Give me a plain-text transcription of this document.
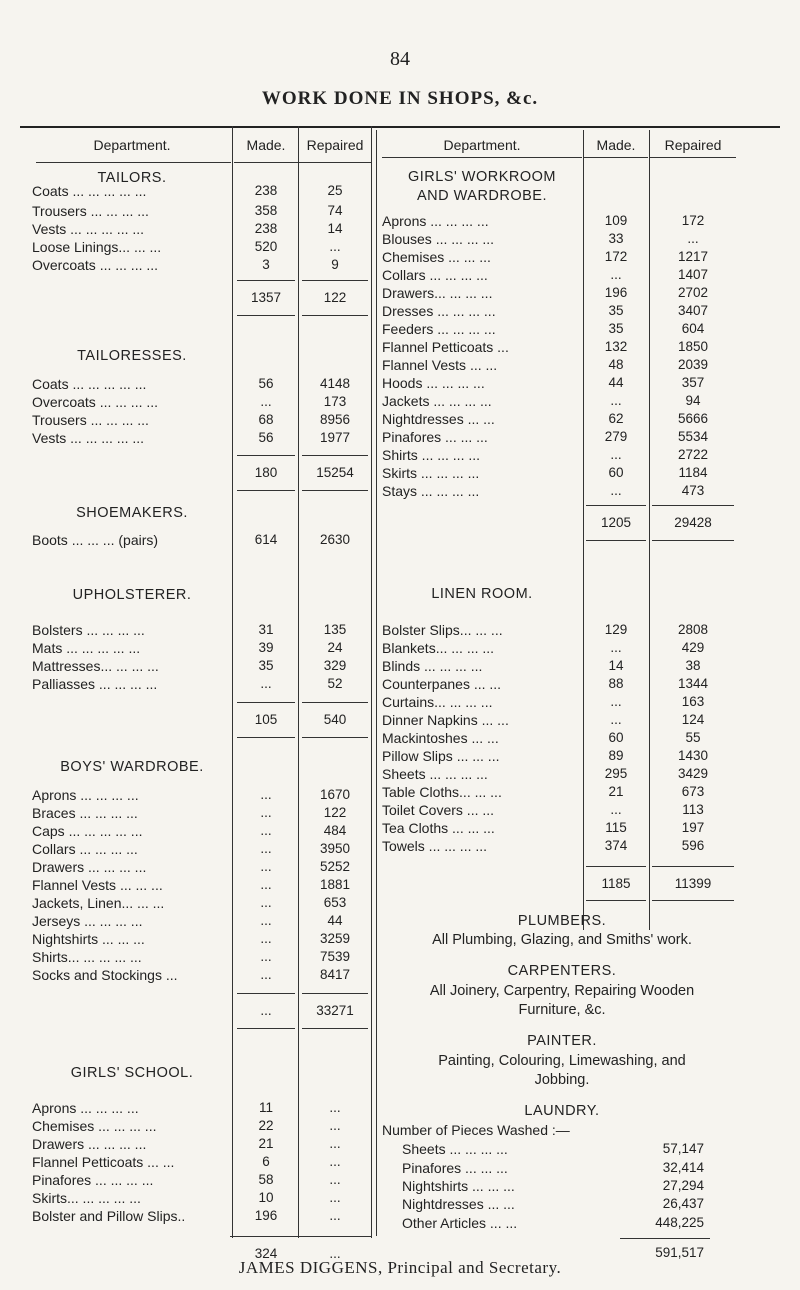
84
WORK DONE IN SHOPS, &c.
Department.	Made.	Repaired	Department.	Made.	Repaired
TAILORS.
Coats ... ... ... ... ...	238	25
Trousers ... ... ... ...	358	74
Vests ... ... ... ... ...	238	14
Loose Linings... ... ...	520	...
Overcoats ... ... ... ...	3	9
1357	122
TAILORESSES.
Coats ... ... ... ... ...	56	4148
Overcoats ... ... ... ...	...	173
Trousers ... ... ... ...	68	8956
Vests ... ... ... ... ...	56	1977
180	15254
SHOEMAKERS.
Boots ... ... ... (pairs)	614	2630
UPHOLSTERER.
Bolsters ... ... ... ...	31	135
Mats ... ... ... ... ...	39	24
Mattresses... ... ... ...	35	329
Palliasses ... ... ... ...	...	52
105	540
BOYS' WARDROBE.
Aprons ... ... ... ...	...	1670
Braces ... ... ... ...	...	122
Caps ... ... ... ... ...	...	484
Collars ... ... ... ...	...	3950
Drawers ... ... ... ...	...	5252
Flannel Vests ... ... ...	...	1881
Jackets, Linen... ... ...	...	653
Jerseys ... ... ... ...	...	44
Nightshirts ... ... ...	...	3259
Shirts... ... ... ... ...	...	7539
Socks and Stockings ...	...	8417
...	33271
GIRLS' SCHOOL.
Aprons ... ... ... ...	11	...
Chemises ... ... ... ...	22	...
Drawers ... ... ... ...	21	...
Flannel Petticoats ... ...	6	...
Pinafores ... ... ... ...	58	...
Skirts... ... ... ... ...	10	...
Bolster and Pillow Slips..	196	...
324	...
GIRLS' WORKROOM
AND WARDROBE.
Aprons ... ... ... ...	109	172
Blouses ... ... ... ...	33	...
Chemises ... ... ...	172	1217
Collars ... ... ... ...	...	1407
Drawers... ... ... ...	196	2702
Dresses ... ... ... ...	35	3407
Feeders ... ... ... ...	35	604
Flannel Petticoats ...	132	1850
Flannel Vests ... ...	48	2039
Hoods ... ... ... ...	44	357
Jackets ... ... ... ...	...	94
Nightdresses ... ...	62	5666
Pinafores ... ... ...	279	5534
Shirts ... ... ... ...	...	2722
Skirts ... ... ... ...	60	1184
Stays ... ... ... ...	...	473
1205	29428
LINEN ROOM.
Bolster Slips... ... ...	129	2808
Blankets... ... ... ...	...	429
Blinds ... ... ... ...	14	38
Counterpanes ... ...	88	1344
Curtains... ... ... ...	...	163
Dinner Napkins ... ...	...	124
Mackintoshes ... ...	60	55
Pillow Slips ... ... ...	89	1430
Sheets ... ... ... ...	295	3429
Table Cloths... ... ...	21	673
Toilet Covers ... ...	...	113
Tea Cloths ... ... ...	115	197
Towels ... ... ... ...	374	596
1185	11399
PLUMBERS.
All Plumbing, Glazing, and Smiths' work.
CARPENTERS.
All Joinery, Carpentry, Repairing Wooden
Furniture, &c.
PAINTER.
Painting, Colouring, Limewashing, and
Jobbing.
LAUNDRY.
Number of Pieces Washed :—
Sheets ... ... ... ...	57,147
Pinafores ... ... ...	32,414
Nightshirts ... ... ...	27,294
Nightdresses ... ...	26,437
Other Articles ... ...	448,225
591,517
JAMES DIGGENS, Principal and Secretary.
